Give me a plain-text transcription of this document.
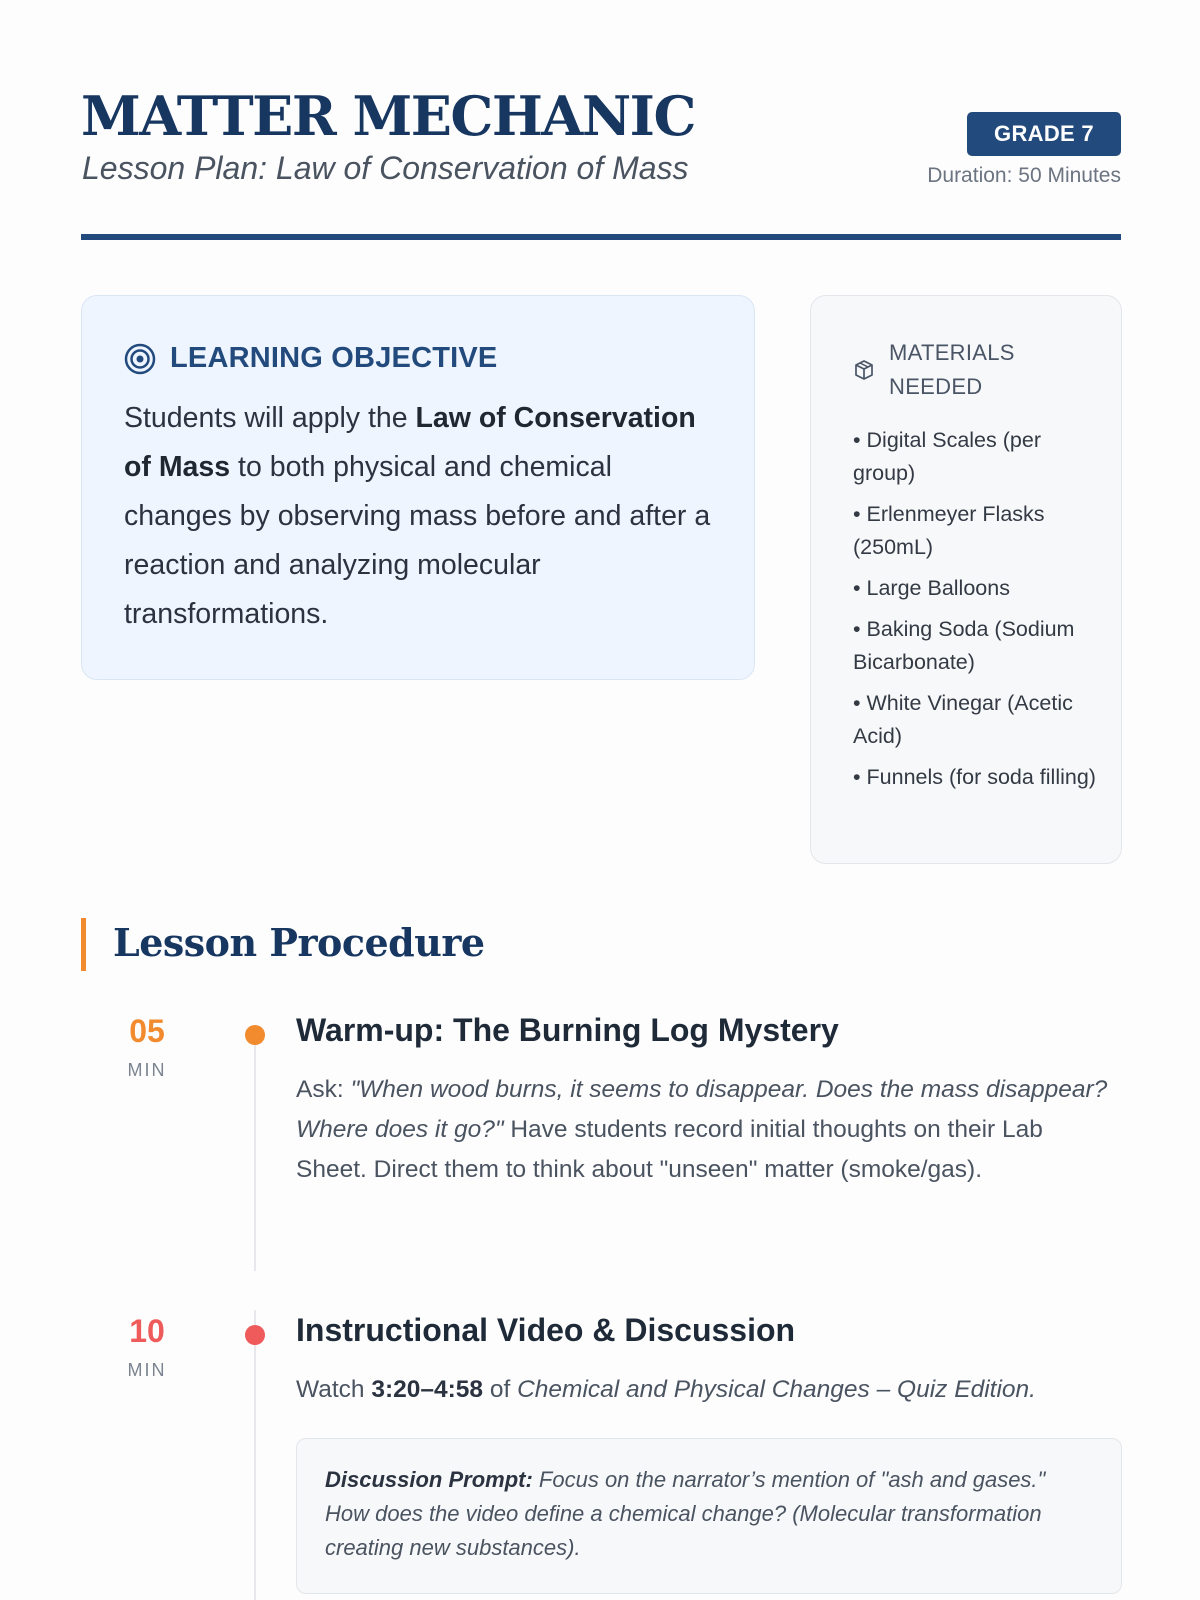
MATTER MECHANIC
Lesson Plan: Law of Conservation of Mass
GRADE 7
Duration: 50 Minutes
LEARNING OBJECTIVE

Students will apply the Law of Conservation of Mass to both physical and chemical changes by observing mass before and after a reaction and analyzing molecular transformations.

MATERIALS NEEDED
• Digital Scales (per group)
• Erlenmeyer Flasks (250mL)
• Large Balloons
• Baking Soda (Sodium Bicarbonate)
• White Vinegar (Acetic Acid)
• Funnels (for soda filling)
Lesson Procedure
05
MIN
Warm-up: The Burning Log Mystery

Ask: "When wood burns, it seems to disappear. Does the mass disappear? Where does it go?" Have students record initial thoughts on their Lab Sheet. Direct them to think about "unseen" matter (smoke/gas).

10
MIN
Instructional Video & Discussion

Watch 3:20–4:58 of Chemical and Physical Changes – Quiz Edition.

Discussion Prompt: Focus on the narrator’s mention of "ash and gases." How does the video define a chemical change? (Molecular transformation creating new substances).
